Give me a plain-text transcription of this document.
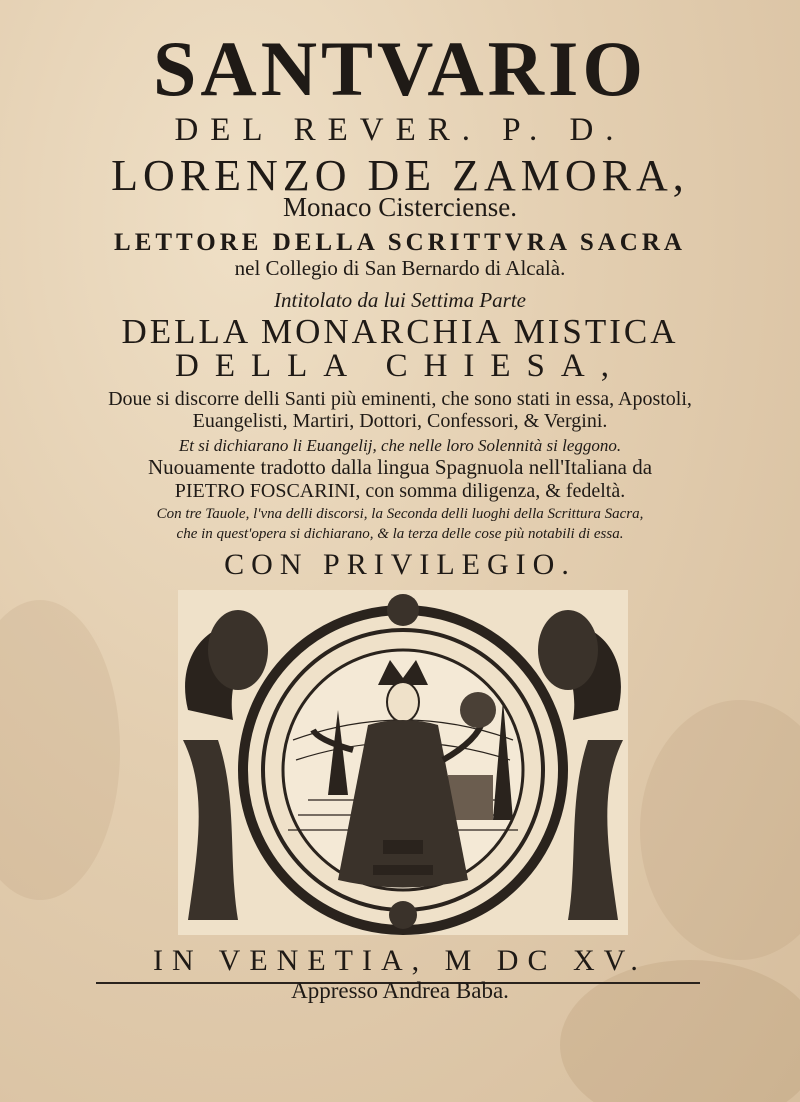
SANTVARIO
DEL REVER. P. D.
LORENZO DE ZAMORA,
Monaco Cisterciense.
LETTORE DELLA SCRITTVRA SACRA
nel Collegio di San Bernardo di Alcalà.
Intitolato da lui Settima Parte
DELLA MONARCHIA MISTICA
DELLA CHIESA,
Doue si discorre delli Santi più eminenti, che sono stati in essa, Apostoli,
Euangelisti, Martiri, Dottori, Confessori, & Vergini.
Et si dichiarano li Euangelij, che nelle loro Solennità si leggono.
Nuouamente tradotto dalla lingua Spagnuola nell'Italiana da
PIETRO FOSCARINI, con somma diligenza, & fedeltà.
Con tre Tauole, l'vna delli discorsi, la Seconda delli luoghi della Scrittura Sacra,
che in quest'opera si dichiarano, & la terza delle cose più notabili di essa.
CON PRIVILEGIO.
IN VENETIA, M DC XV.
Appresso Andrea Baba.
